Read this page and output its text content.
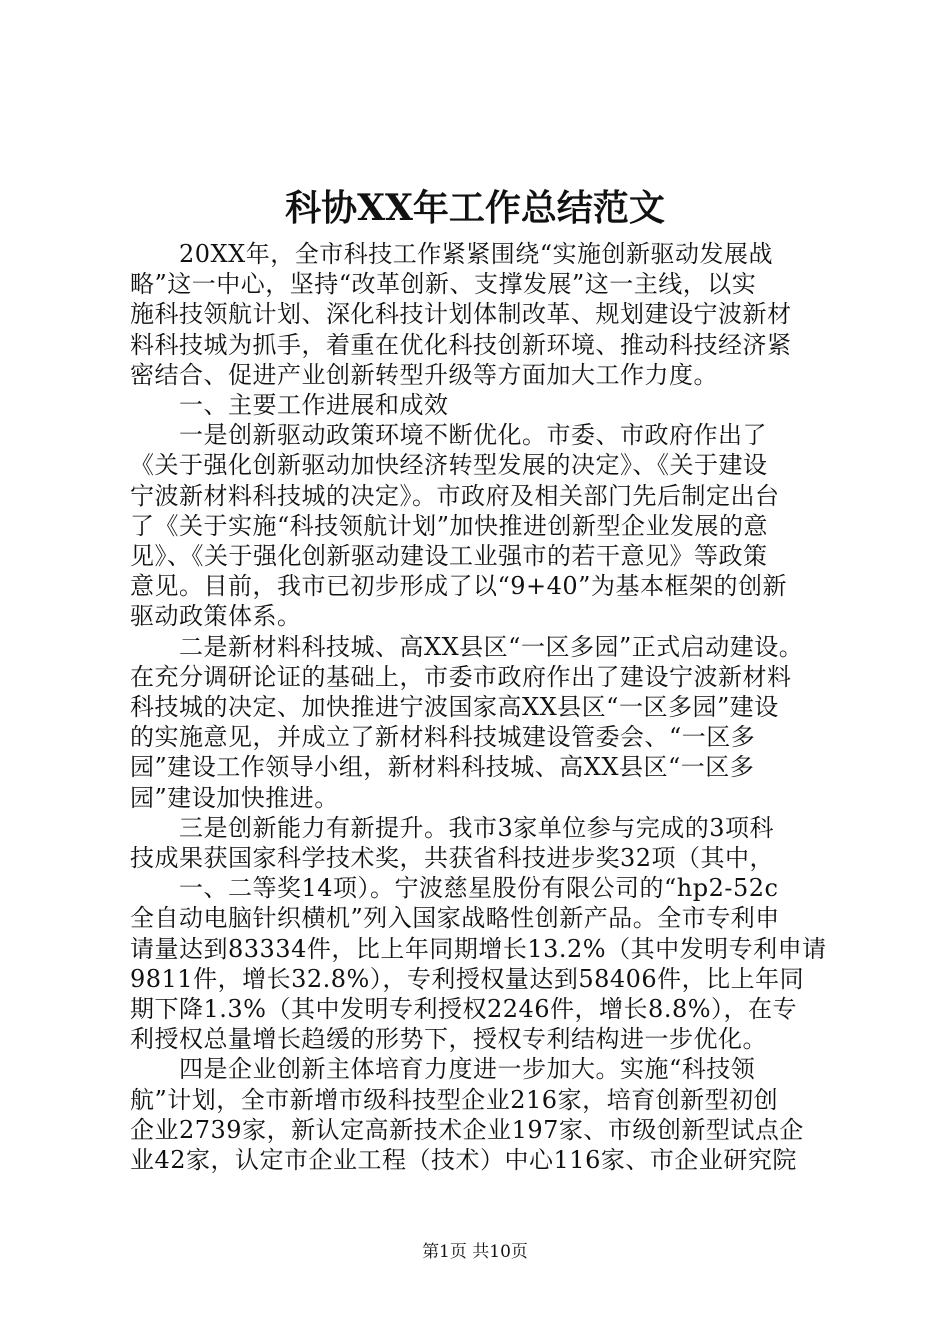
科协XX年工作总结范文
　　20XX年，全市科技工作紧紧围绕“实施创新驱动发展战
略”这一中心，坚持“改革创新、支撑发展”这一主线，以实
施科技领航计划、深化科技计划体制改革、规划建设宁波新材
料科技城为抓手，着重在优化科技创新环境、推动科技经济紧
密结合、促进产业创新转型升级等方面加大工作力度。
　　一、主要工作进展和成效
　　一是创新驱动政策环境不断优化。市委、市政府作出了
《关于强化创新驱动加快经济转型发展的决定》、《关于建设
宁波新材料科技城的决定》。市政府及相关部门先后制定出台
了《关于实施“科技领航计划”加快推进创新型企业发展的意
见》、《关于强化创新驱动建设工业强市的若干意见》等政策
意见。目前，我市已初步形成了以“9+40”为基本框架的创新
驱动政策体系。
　　二是新材料科技城、高XX县区“一区多园”正式启动建设。
在充分调研论证的基础上，市委市政府作出了建设宁波新材料
科技城的决定、加快推进宁波国家高XX县区“一区多园”建设
的实施意见，并成立了新材料科技城建设管委会、“一区多
园”建设工作领导小组，新材料科技城、高XX县区“一区多
园”建设加快推进。
　　三是创新能力有新提升。我市3家单位参与完成的3项科
技成果获国家科学技术奖，共获省科技进步奖32项（其中，
　　一、二等奖14项）。宁波慈星股份有限公司的“hp2-52c
全自动电脑针织横机”列入国家战略性创新产品。全市专利申
请量达到83334件，比上年同期增长13.2%（其中发明专利申请
9811件，增长32.8%），专利授权量达到58406件，比上年同
期下降1.3%（其中发明专利授权2246件，增长8.8%），在专
利授权总量增长趋缓的形势下，授权专利结构进一步优化。
　　四是企业创新主体培育力度进一步加大。实施“科技领
航”计划，全市新增市级科技型企业216家，培育创新型初创
企业2739家，新认定高新技术企业197家、市级创新型试点企
业42家，认定市企业工程（技术）中心116家、市企业研究院
第1页 共10页
